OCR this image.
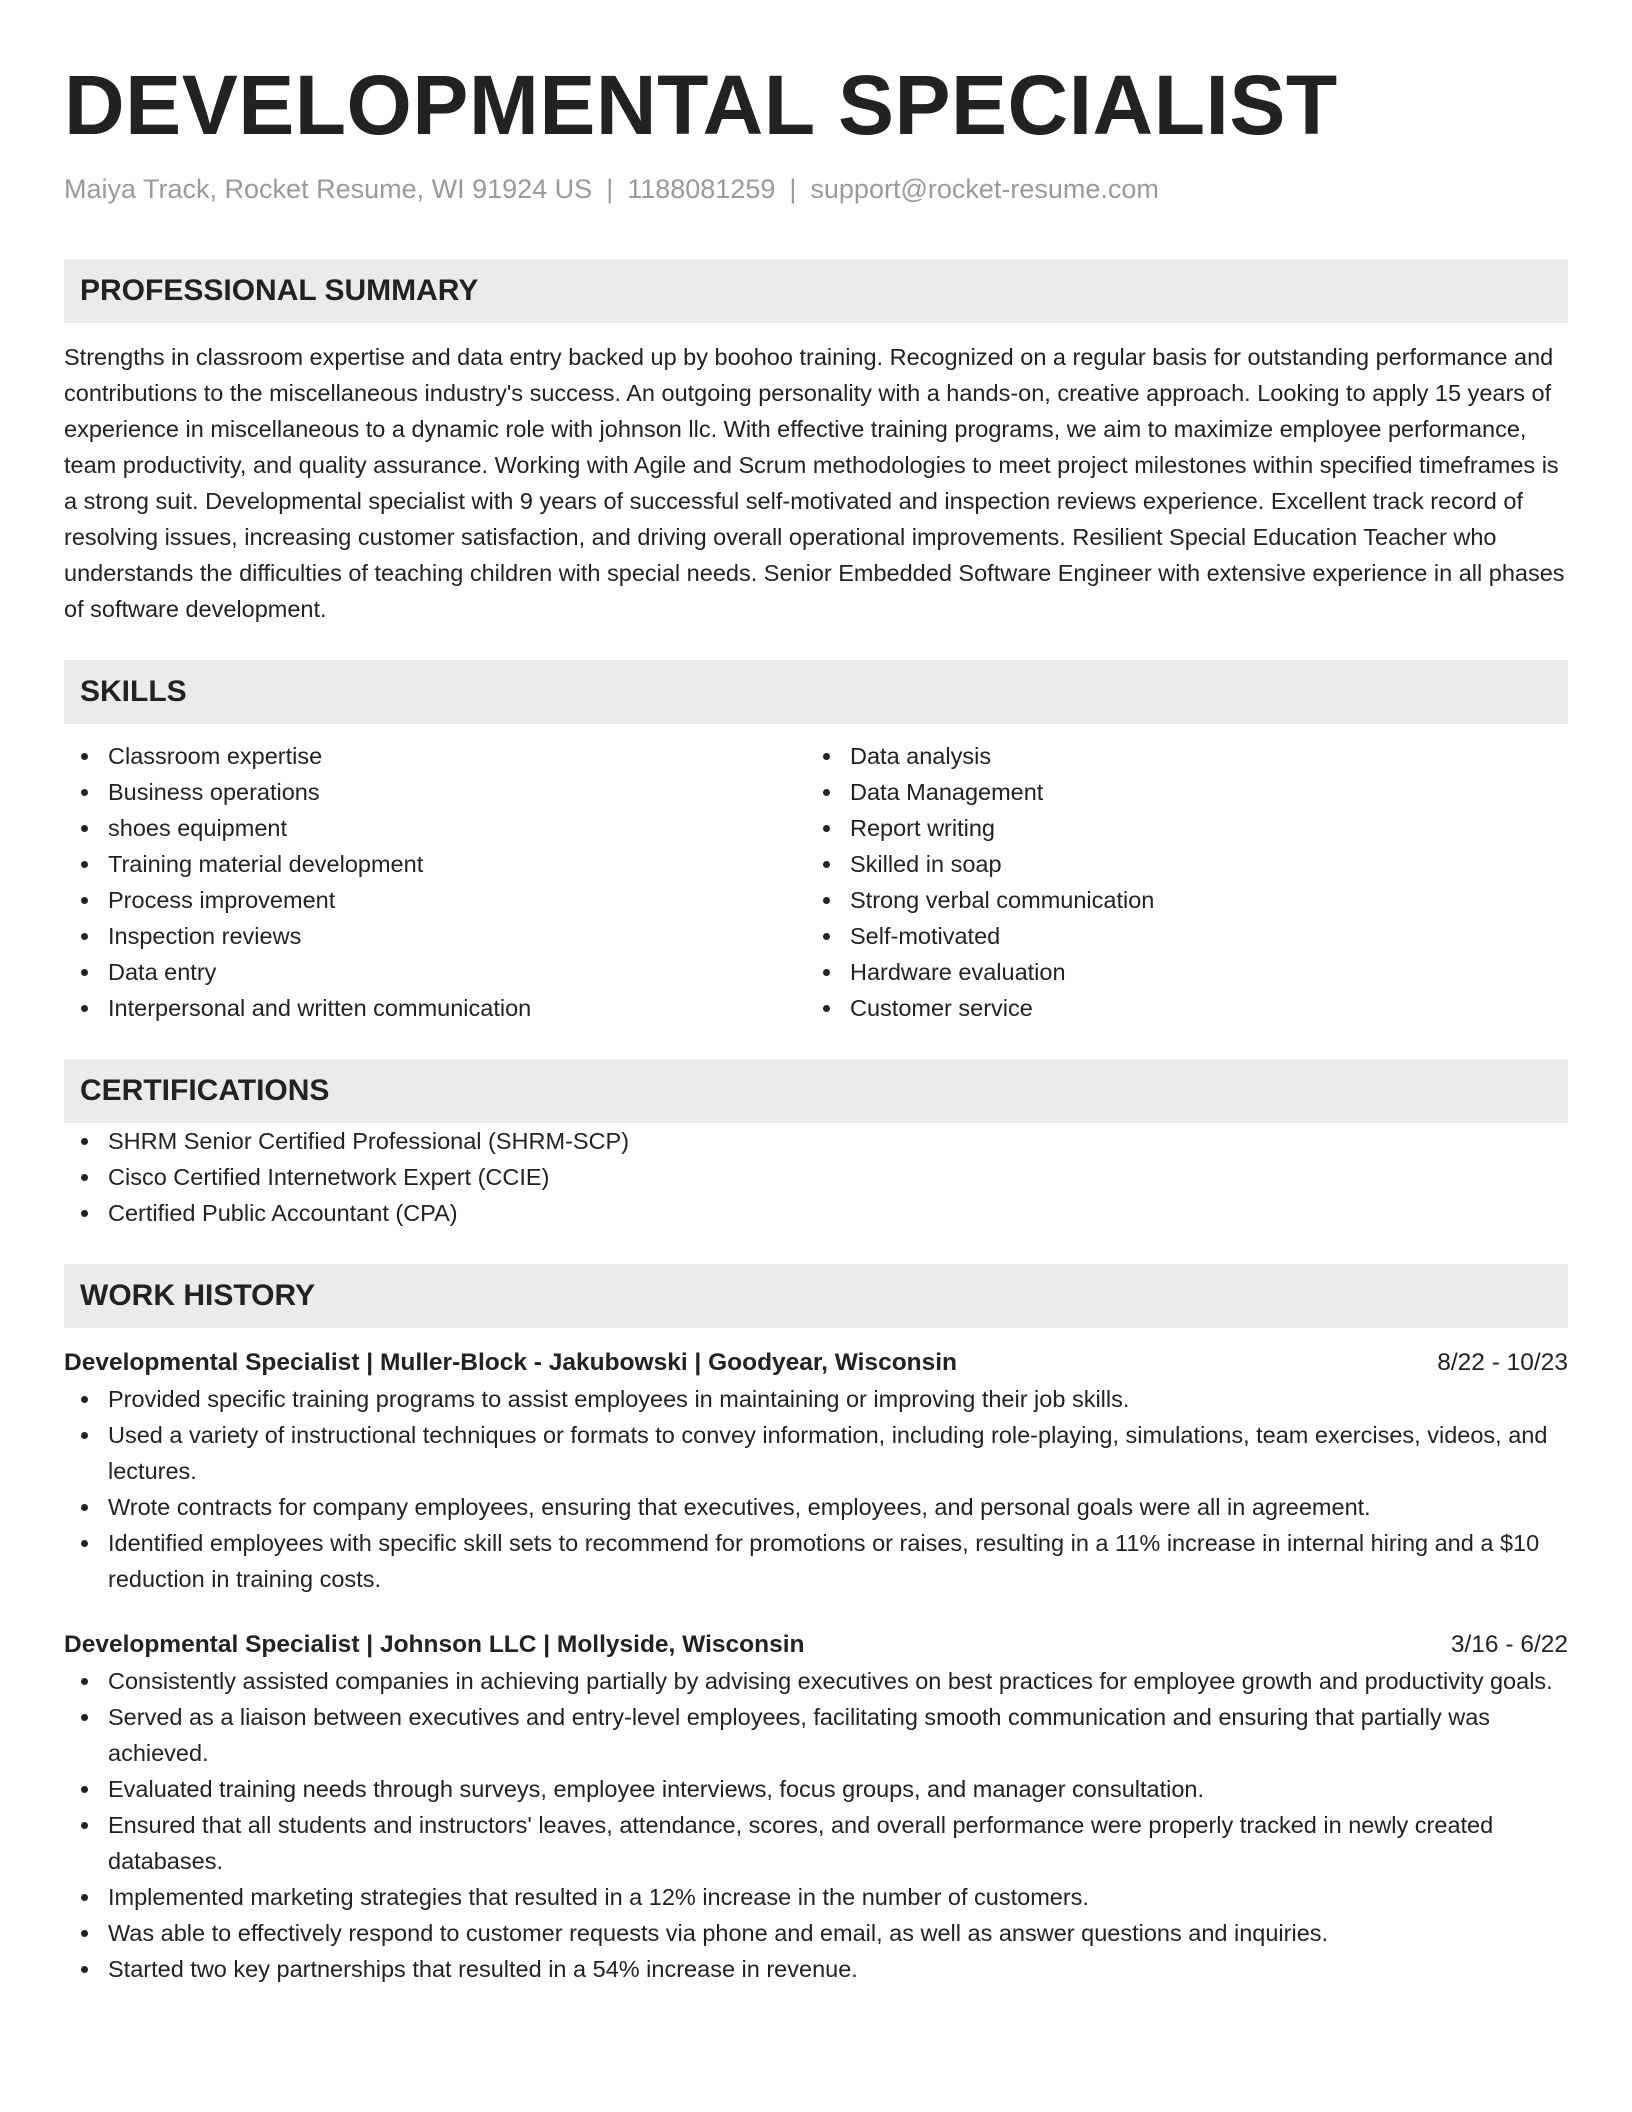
DEVELOPMENTAL SPECIALIST
Maiya Track, Rocket Resume, WI 91924 US | 1188081259 | support@rocket-resume.com
PROFESSIONAL SUMMARY

Strengths in classroom expertise and data entry backed up by boohoo training. Recognized on a regular basis for outstanding performance and contributions to the miscellaneous industry's success. An outgoing personality with a hands-on, creative approach. Looking to apply 15 years of experience in miscellaneous to a dynamic role with johnson llc. With effective training programs, we aim to maximize employee performance, team productivity, and quality assurance. Working with Agile and Scrum methodologies to meet project milestones within specified timeframes is a strong suit. Developmental specialist with 9 years of successful self-motivated and inspection reviews experience. Excellent track record of resolving issues, increasing customer satisfaction, and driving overall operational improvements. Resilient Special Education Teacher who understands the difficulties of teaching children with special needs. Senior Embedded Software Engineer with extensive experience in all phases of software development.

SKILLS
Classroom expertise
Business operations
shoes equipment
Training material development
Process improvement
Inspection reviews
Data entry
Interpersonal and written communication
Data analysis
Data Management
Report writing
Skilled in soap
Strong verbal communication
Self-motivated
Hardware evaluation
Customer service
CERTIFICATIONS
SHRM Senior Certified Professional (SHRM-SCP)
Cisco Certified Internetwork Expert (CCIE)
Certified Public Accountant (CPA)
WORK HISTORY
Developmental Specialist | Muller-Block - Jakubowski | Goodyear, Wisconsin	8/22 - 10/23
Provided specific training programs to assist employees in maintaining or improving their job skills.
Used a variety of instructional techniques or formats to convey information, including role-playing, simulations, team exercises, videos, and lectures.
Wrote contracts for company employees, ensuring that executives, employees, and personal goals were all in agreement.
Identified employees with specific skill sets to recommend for promotions or raises, resulting in a 11% increase in internal hiring and a $10 reduction in training costs.
Developmental Specialist | Johnson LLC | Mollyside, Wisconsin	3/16 - 6/22
Consistently assisted companies in achieving partially by advising executives on best practices for employee growth and productivity goals.
Served as a liaison between executives and entry-level employees, facilitating smooth communication and ensuring that partially was achieved.
Evaluated training needs through surveys, employee interviews, focus groups, and manager consultation.
Ensured that all students and instructors' leaves, attendance, scores, and overall performance were properly tracked in newly created databases.
Implemented marketing strategies that resulted in a 12% increase in the number of customers.
Was able to effectively respond to customer requests via phone and email, as well as answer questions and inquiries.
Started two key partnerships that resulted in a 54% increase in revenue.
